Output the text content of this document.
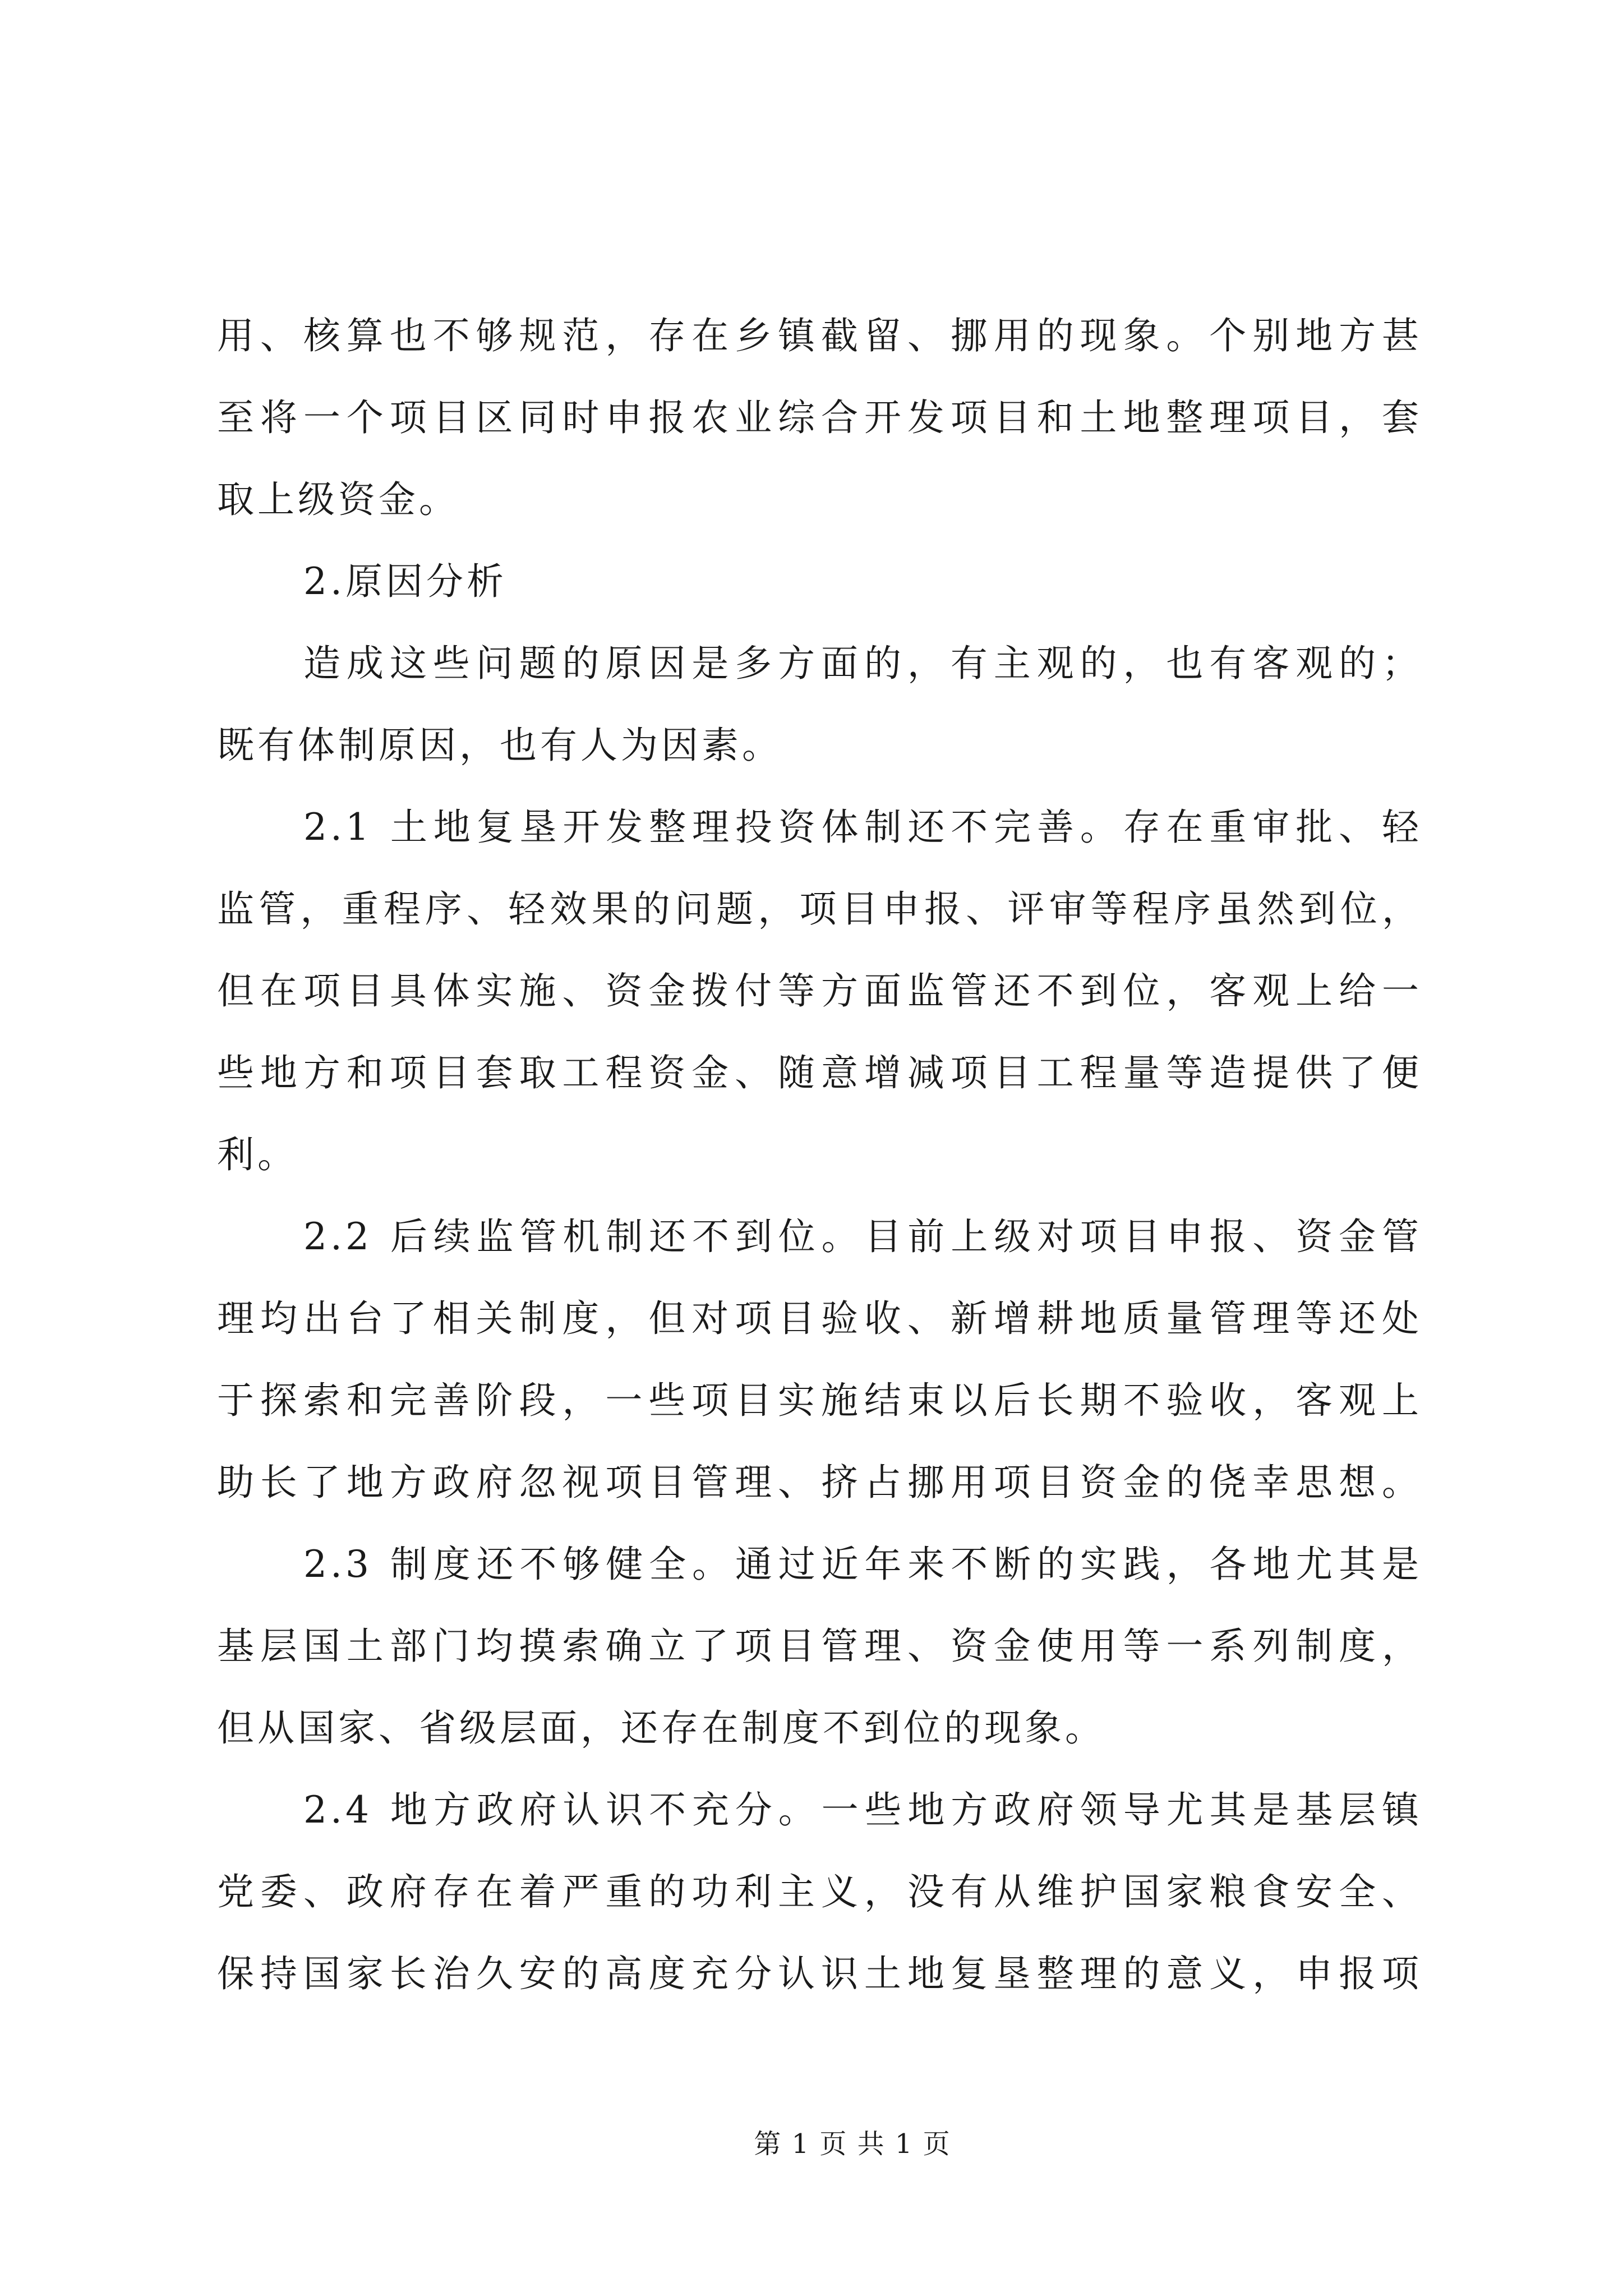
用、核算也不够规范，存在乡镇截留、挪用的现象。个别地方甚
至将一个项目区同时申报农业综合开发项目和土地整理项目，套
取上级资金。
2.原因分析
造成这些问题的原因是多方面的，有主观的，也有客观的；
既有体制原因，也有人为因素。
2.1 土地复垦开发整理投资体制还不完善。存在重审批、轻
监管，重程序、轻效果的问题，项目申报、评审等程序虽然到位，
但在项目具体实施、资金拨付等方面监管还不到位，客观上给一
些地方和项目套取工程资金、随意增减项目工程量等造提供了便
利。
2.2 后续监管机制还不到位。目前上级对项目申报、资金管
理均出台了相关制度，但对项目验收、新增耕地质量管理等还处
于探索和完善阶段，一些项目实施结束以后长期不验收，客观上
助长了地方政府忽视项目管理、挤占挪用项目资金的侥幸思想。
2.3 制度还不够健全。通过近年来不断的实践，各地尤其是
基层国土部门均摸索确立了项目管理、资金使用等一系列制度，
但从国家、省级层面，还存在制度不到位的现象。
2.4 地方政府认识不充分。一些地方政府领导尤其是基层镇
党委、政府存在着严重的功利主义，没有从维护国家粮食安全、
保持国家长治久安的高度充分认识土地复垦整理的意义，申报项
第 1 页 共 1 页
